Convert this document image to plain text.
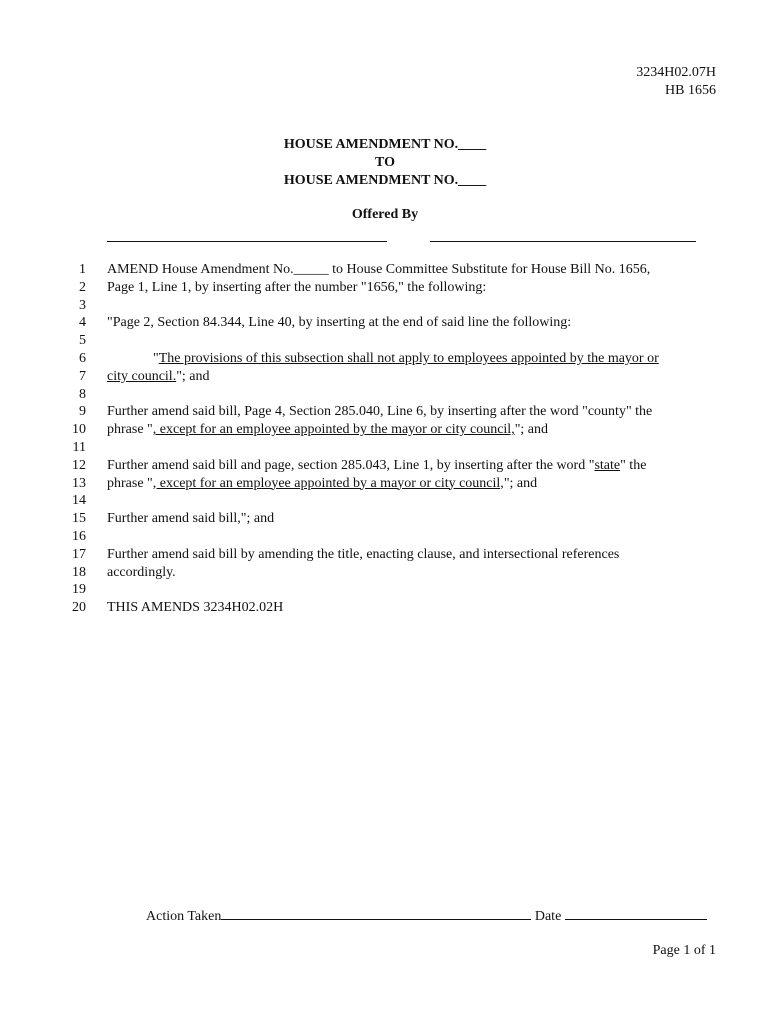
3234H02.07H
HB 1656
HOUSE AMENDMENT NO.____
TO
HOUSE AMENDMENT NO.____
Offered By
1 AMEND House Amendment No._____ to House Committee Substitute for House Bill No. 1656,
2 Page 1, Line 1, by inserting after the number "1656," the following:
3
4 "Page 2, Section 84.344, Line 40, by inserting at the end of said line the following:
5
6	"The provisions of this subsection shall not apply to employees appointed by the mayor or
7 city council."; and
8
9 Further amend said bill, Page 4, Section 285.040, Line 6, by inserting after the word "county" the
10 phrase ", except for an employee appointed by the mayor or city council,"; and
11
12 Further amend said bill and page, section 285.043, Line 1, by inserting after the word "state" the
13 phrase ", except for an employee appointed by a mayor or city council,"; and
14
15 Further amend said bill,"; and
16
17 Further amend said bill by amending the title, enacting clause, and intersectional references
18 accordingly.
19
20 THIS AMENDS 3234H02.02H
Action Taken	Date
Page 1 of 1
